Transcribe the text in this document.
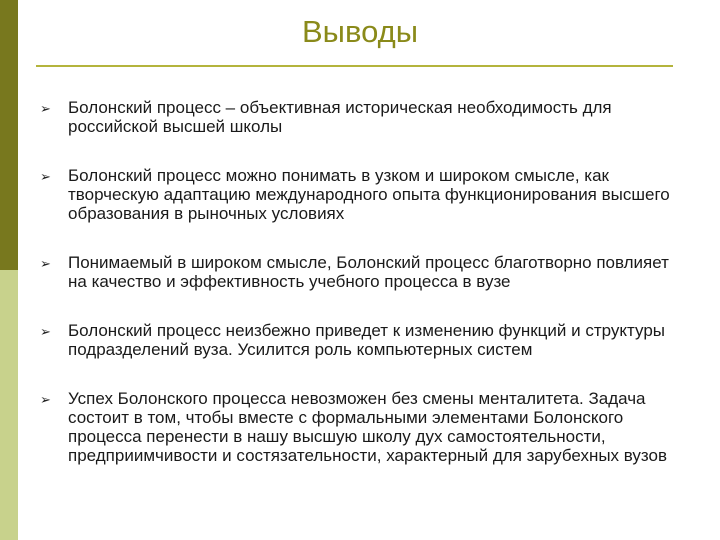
Выводы
➢ Болонский процесс – объективная историческая необходимость для российской высшей школы
➢ Болонский процесс можно понимать в узком и широком смысле, как творческую адаптацию международного опыта функционирования высшего образования в рыночных условиях
➢ Понимаемый в широком смысле, Болонский процесс благотворно повлияет на качество и эффективность учебного процесса в вузе
➢ Болонский процесс неизбежно приведет к изменению функций и структуры подразделений вуза. Усилится роль компьютерных систем
➢ Успех Болонского процесса невозможен без смены менталитета. Задача состоит в том, чтобы вместе с формальными элементами Болонского процесса перенести в нашу высшую школу дух самостоятельности, предприимчивости и состязательности, характерный для зарубехных вузов
